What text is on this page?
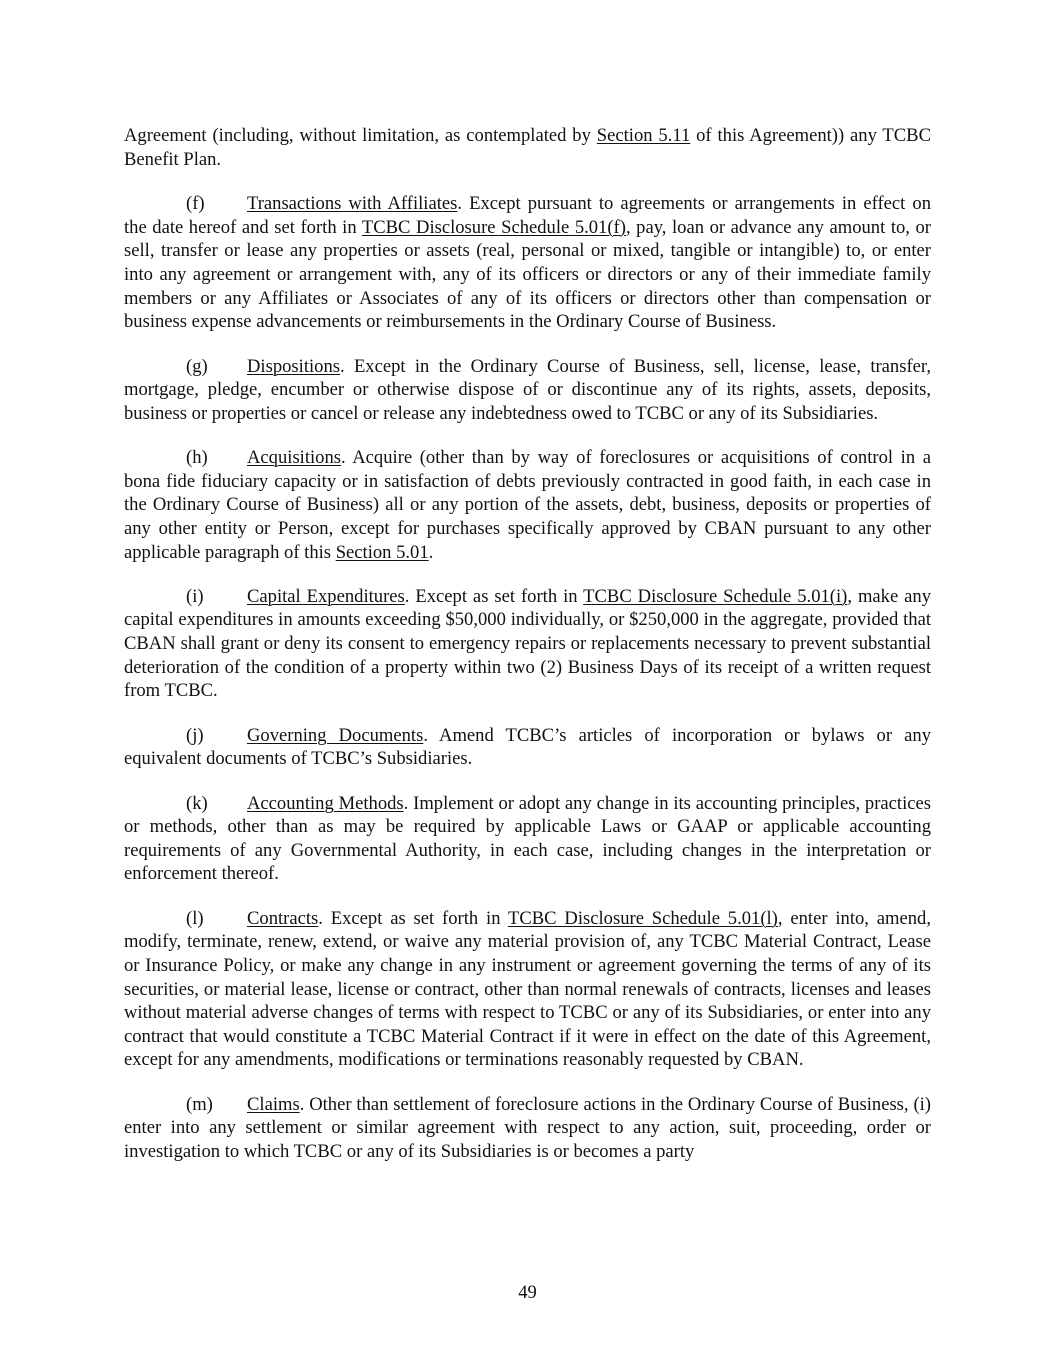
Agreement (including, without limitation, as contemplated by Section 5.11 of this Agreement)) any TCBC Benefit Plan.

(f) Transactions with Affiliates. Except pursuant to agreements or arrangements in effect on the date hereof and set forth in TCBC Disclosure Schedule 5.01(f), pay, loan or advance any amount to, or sell, transfer or lease any properties or assets (real, personal or mixed, tangible or intangible) to, or enter into any agreement or arrangement with, any of its officers or directors or any of their immediate family members or any Affiliates or Associates of any of its officers or directors other than compensation or business expense advancements or reimbursements in the Ordinary Course of Business.

(g) Dispositions. Except in the Ordinary Course of Business, sell, license, lease, transfer, mortgage, pledge, encumber or otherwise dispose of or discontinue any of its rights, assets, deposits, business or properties or cancel or release any indebtedness owed to TCBC or any of its Subsidiaries.

(h) Acquisitions. Acquire (other than by way of foreclosures or acquisitions of control in a bona fide fiduciary capacity or in satisfaction of debts previously contracted in good faith, in each case in the Ordinary Course of Business) all or any portion of the assets, debt, business, deposits or properties of any other entity or Person, except for purchases specifically approved by CBAN pursuant to any other applicable paragraph of this Section 5.01.

(i) Capital Expenditures. Except as set forth in TCBC Disclosure Schedule 5.01(i), make any capital expenditures in amounts exceeding $50,000 individually, or $250,000 in the aggregate, provided that CBAN shall grant or deny its consent to emergency repairs or replacements necessary to prevent substantial deterioration of the condition of a property within two (2) Business Days of its receipt of a written request from TCBC.

(j) Governing Documents. Amend TCBC’s articles of incorporation or bylaws or any equivalent documents of TCBC’s Subsidiaries.

(k) Accounting Methods. Implement or adopt any change in its accounting principles, practices or methods, other than as may be required by applicable Laws or GAAP or applicable accounting requirements of any Governmental Authority, in each case, including changes in the interpretation or enforcement thereof.

(l) Contracts. Except as set forth in TCBC Disclosure Schedule 5.01(l), enter into, amend, modify, terminate, renew, extend, or waive any material provision of, any TCBC Material Contract, Lease or Insurance Policy, or make any change in any instrument or agreement governing the terms of any of its securities, or material lease, license or contract, other than normal renewals of contracts, licenses and leases without material adverse changes of terms with respect to TCBC or any of its Subsidiaries, or enter into any contract that would constitute a TCBC Material Contract if it were in effect on the date of this Agreement, except for any amendments, modifications or terminations reasonably requested by CBAN.

(m) Claims. Other than settlement of foreclosure actions in the Ordinary Course of Business, (i) enter into any settlement or similar agreement with respect to any action, suit, proceeding, order or investigation to which TCBC or any of its Subsidiaries is or becomes a party

49
